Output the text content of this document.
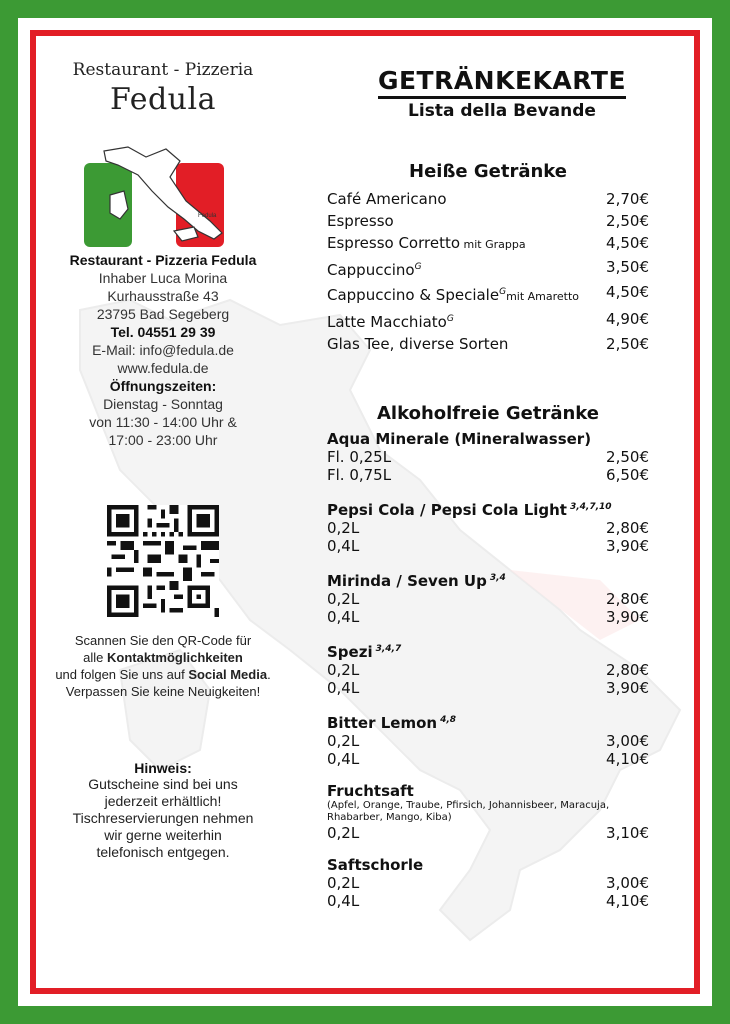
Restaurant - Pizzeria
Fedula
Fedula
Restaurant - Pizzeria Fedula
Inhaber Luca Morina
Kurhausstraße 43
23795 Bad Segeberg
Tel. 04551 29 39
E-Mail: info@fedula.de
www.fedula.de
Öffnungszeiten:
Dienstag - Sonntag
von 11:30 - 14:00 Uhr &
17:00 - 23:00 Uhr
Scannen Sie den QR-Code für
alle Kontaktmöglichkeiten
und folgen Sie uns auf Social Media.
Verpassen Sie keine Neuigkeiten!
Hinweis:
Gutscheine sind bei uns
jederzeit erhältlich!
Tischreservierungen nehmen
wir gerne weiterhin
telefonisch entgegen.
GETRÄNKEKARTE
Lista della Bevande
Heiße Getränke
Café Americano	2,70€
Espresso	2,50€
Espresso Corretto mit Grappa	4,50€
Cappuccino$^G$	3,50€
Cappuccino & Speciale$^G$mit Amaretto 4,50€
Latte Macchiato$^G$	4,90€
Glas Tee, diverse Sorten	2,50€
Alkoholfreie Getränke
Aqua Minerale (Mineralwasser)
Fl. 0,25L	2,50€
Fl. 0,75L	6,50€
Pepsi Cola / Pepsi Cola Light $^{3,4,7,10}$
0,2L	2,80€
0,4L	3,90€
Mirinda / Seven Up $^{3,4}$
0,2L	2,80€
0,4L	3,90€
Spezi $^{3,4,7}$
0,2L	2,80€
0,4L	3,90€
Bitter Lemon $^{4,8}$
0,2L	3,00€
0,4L	4,10€
Fruchtsaft
(Apfel, Orange, Traube, Pfirsich, Johannisbeer, Maracuja, Rhabarber, Mango, Kiba)
0,2L	3,10€
Saftschorle
0,2L	3,00€
0,4L	4,10€
